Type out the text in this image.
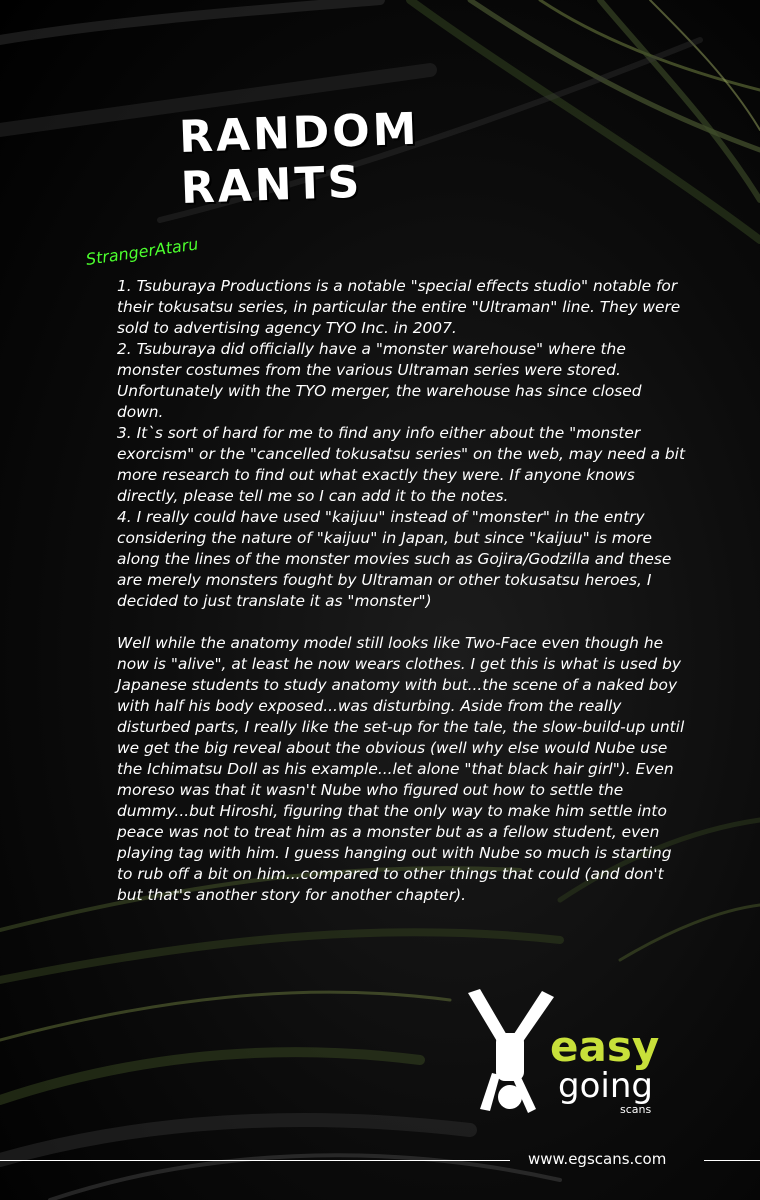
RANDOM RANTS
StrangerAtaru

1. Tsuburaya Productions is a notable "special effects studio" notable for their tokusatsu series, in particular the entire "Ultraman" line. They were sold to advertising agency TYO Inc. in 2007.

2. Tsuburaya did officially have a "monster warehouse" where the monster costumes from the various Ultraman series were stored. Unfortunately with the TYO merger, the warehouse has since closed down.

3. It`s sort of hard for me to find any info either about the "monster exorcism" or the "cancelled tokusatsu series" on the web, may need a bit more research to find out what exactly they were. If anyone knows directly, please tell me so I can add it to the notes.

4. I really could have used "kaijuu" instead of "monster" in the entry considering the nature of "kaijuu" in Japan, but since "kaijuu" is more along the lines of the monster movies such as Gojira/Godzilla and these are merely monsters fought by Ultraman or other tokusatsu heroes, I decided to just translate it as "monster")

Well while the anatomy model still looks like Two-Face even though he now is "alive", at least he now wears clothes. I get this is what is used by Japanese students to study anatomy with but...the scene of a naked boy with half his body exposed...was disturbing. Aside from the really disturbed parts, I really like the set-up for the tale, the slow-build-up until we get the big reveal about the obvious (well why else would Nube use the Ichimatsu Doll as his example...let alone "that black hair girl"). Even moreso was that it wasn't Nube who figured out how to settle the dummy...but Hiroshi, figuring that the only way to make him settle into peace was not to treat him as a monster but as a fellow student, even playing tag with him. I guess hanging out with Nube so much is starting to rub off a bit on him...compared to other things that could (and don't but that's another story for another chapter).

easy
going
scans
www.egscans.com
